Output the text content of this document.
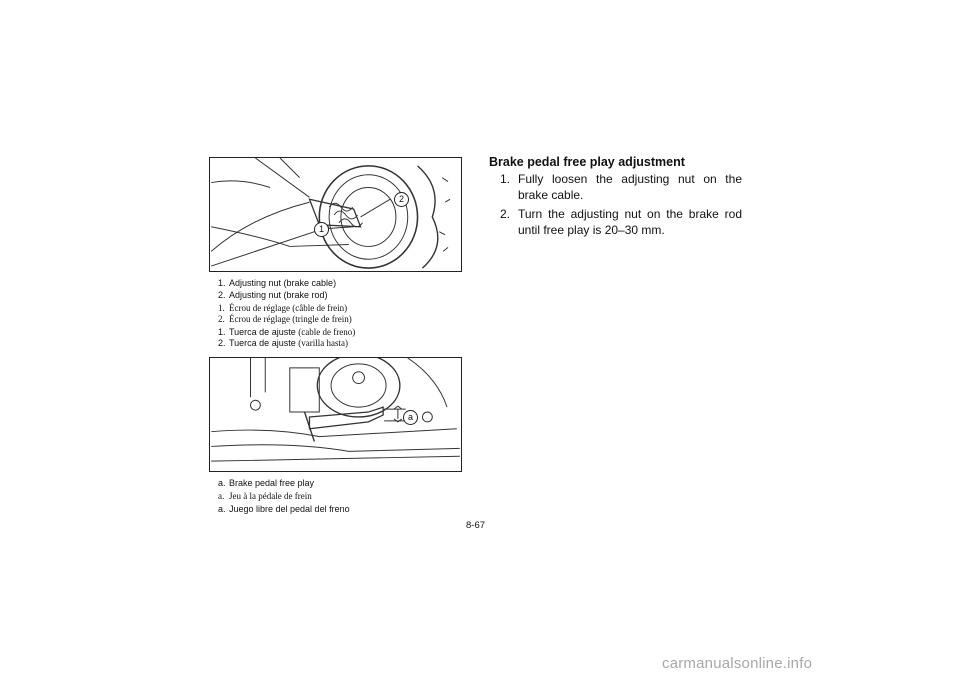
1
2
1. Adjusting nut (brake cable)
2. Adjusting nut (brake rod)
1. Écrou de réglage (câble de frein)
2. Écrou de réglage (tringle de frein)
1. Tuerca de ajuste (cable de freno)
2. Tuerca de ajuste (varilla hasta)
a
a. Brake pedal free play
a. Jeu à la pédale de frein
a. Juego libre del pedal del freno
Brake pedal free play adjustment
1. Fully loosen the adjusting nut on the brake cable.
2. Turn the adjusting nut on the brake rod until free play is 20–30 mm.
8-67
carmanualsonline.info
